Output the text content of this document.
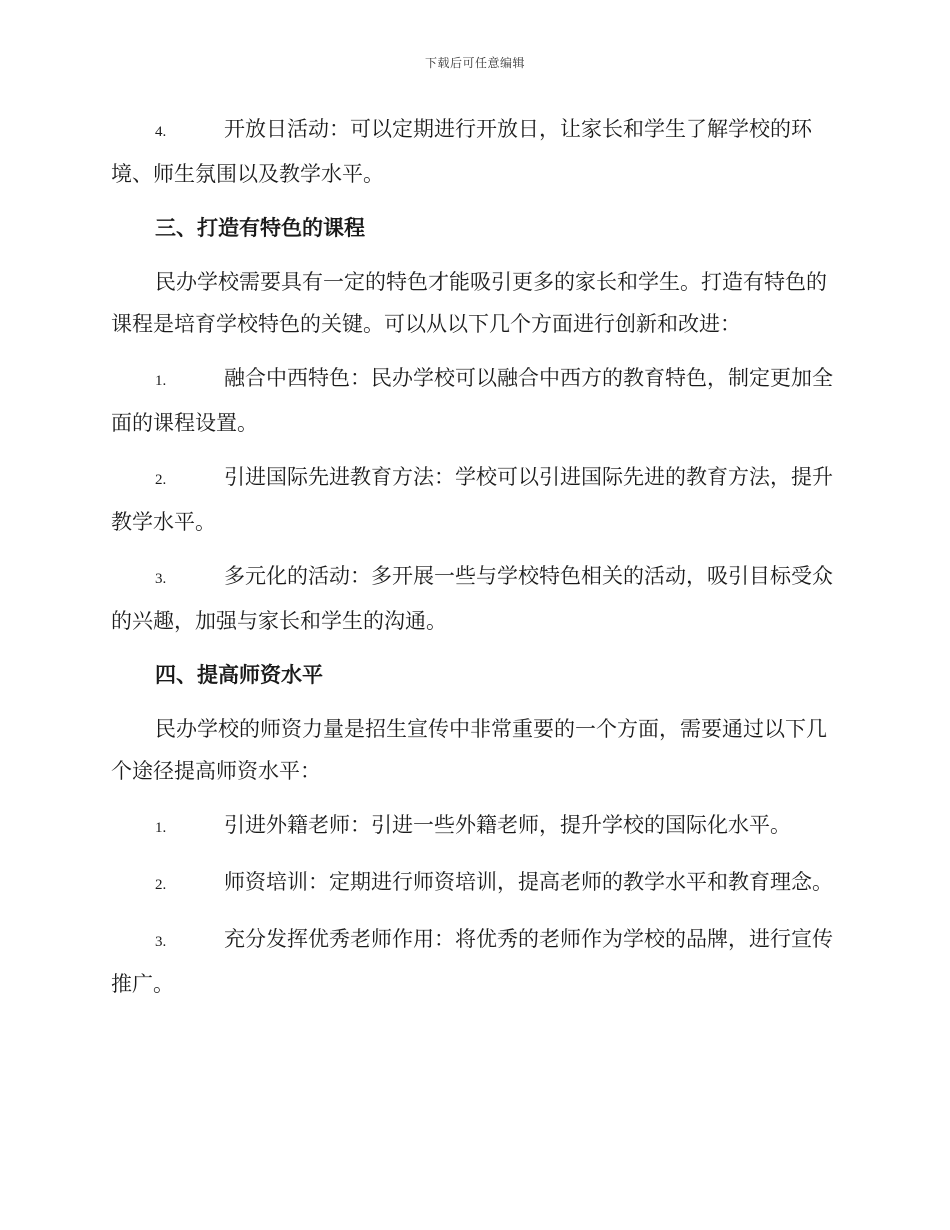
下载后可任意编辑
4.	开放日活动：可以定期进行开放日，让家长和学生了解学校的环境、师生氛围以及教学水平。
三、打造有特色的课程
民办学校需要具有一定的特色才能吸引更多的家长和学生。打造有特色的课程是培育学校特色的关键。可以从以下几个方面进行创新和改进：
1.	融合中西特色：民办学校可以融合中西方的教育特色，制定更加全面的课程设置。
2.	引进国际先进教育方法：学校可以引进国际先进的教育方法，提升教学水平。
3.	多元化的活动：多开展一些与学校特色相关的活动，吸引目标受众的兴趣，加强与家长和学生的沟通。
四、提高师资水平
民办学校的师资力量是招生宣传中非常重要的一个方面，需要通过以下几个途径提高师资水平：
1.	引进外籍老师：引进一些外籍老师，提升学校的国际化水平。
2.	师资培训：定期进行师资培训，提高老师的教学水平和教育理念。
3.	充分发挥优秀老师作用：将优秀的老师作为学校的品牌，进行宣传推广。
